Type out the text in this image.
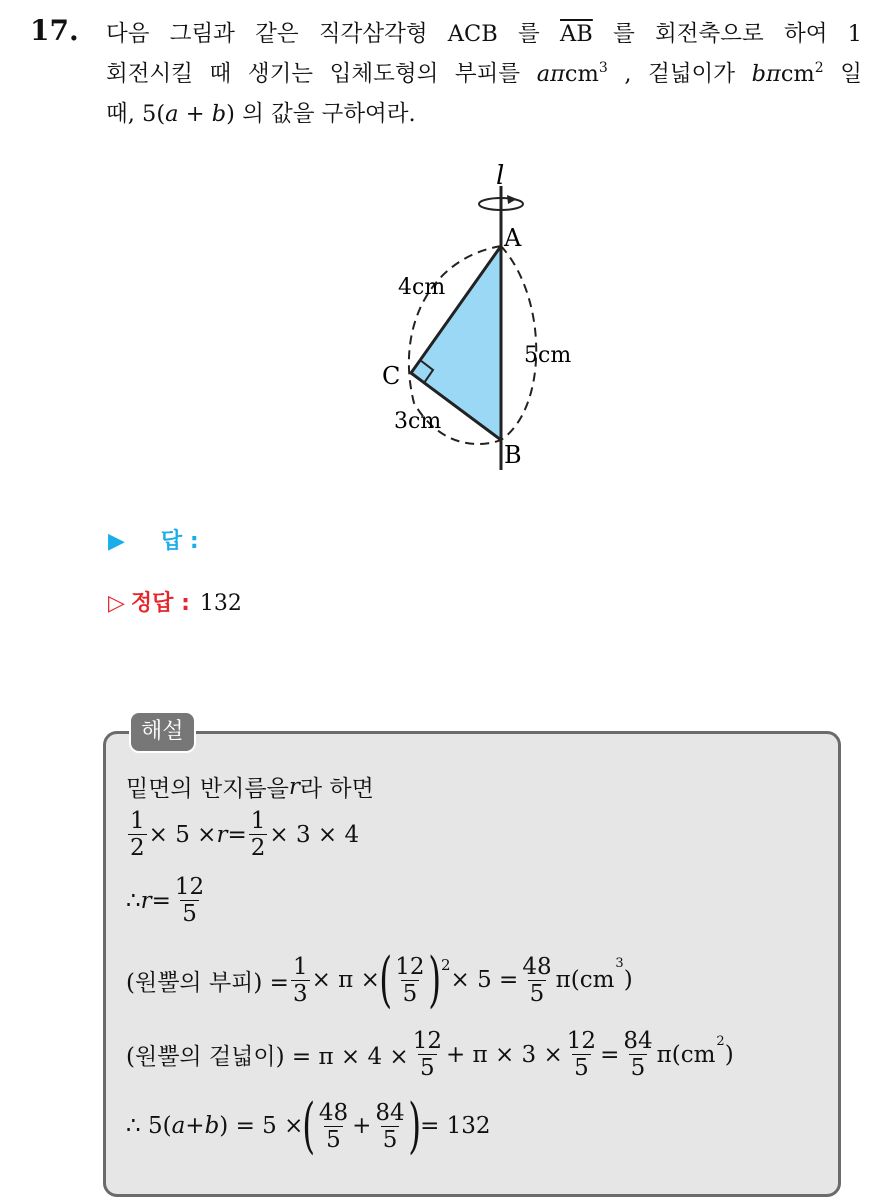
17. 다음 그림과 같은 직각삼각형 ACB 를 $\overline{AB}$ 를 회전축으로 하여 1
회전시킬 때 생기는 입체도형의 부피를 aπcm$^3$ , 겉넓이가 bπcm$^2$ 일
때, 5(a + b) 의 값을 구하여라.
l
A
B
C
4cm
5cm
3cm
▶ 답 :
▷ 정답 : 132
해설
밑면의 반지름을 r 라 하면
$\frac{1}{2} \times 5 \times r = \frac{1}{2} \times 3 \times 4$
∴ $r = \frac{12}{5}$
(원뿔의 부피) = $\frac{1}{3} \times \pi$ × ( $\frac{12}{5}$ ) 2
× $5 = \frac{48}{5} \pi(cm$
3
)
(원뿔의 겉넓이) = $\pi \times 4 \times \frac{12}{5} + \pi \times 3 \times \frac{12}{5} = \frac{84}{5} \pi(cm$ 2 )
∴ 5( a + b ) = 5 × ( $\frac{48}{5} + \frac{84}{5}$ ) = 132
